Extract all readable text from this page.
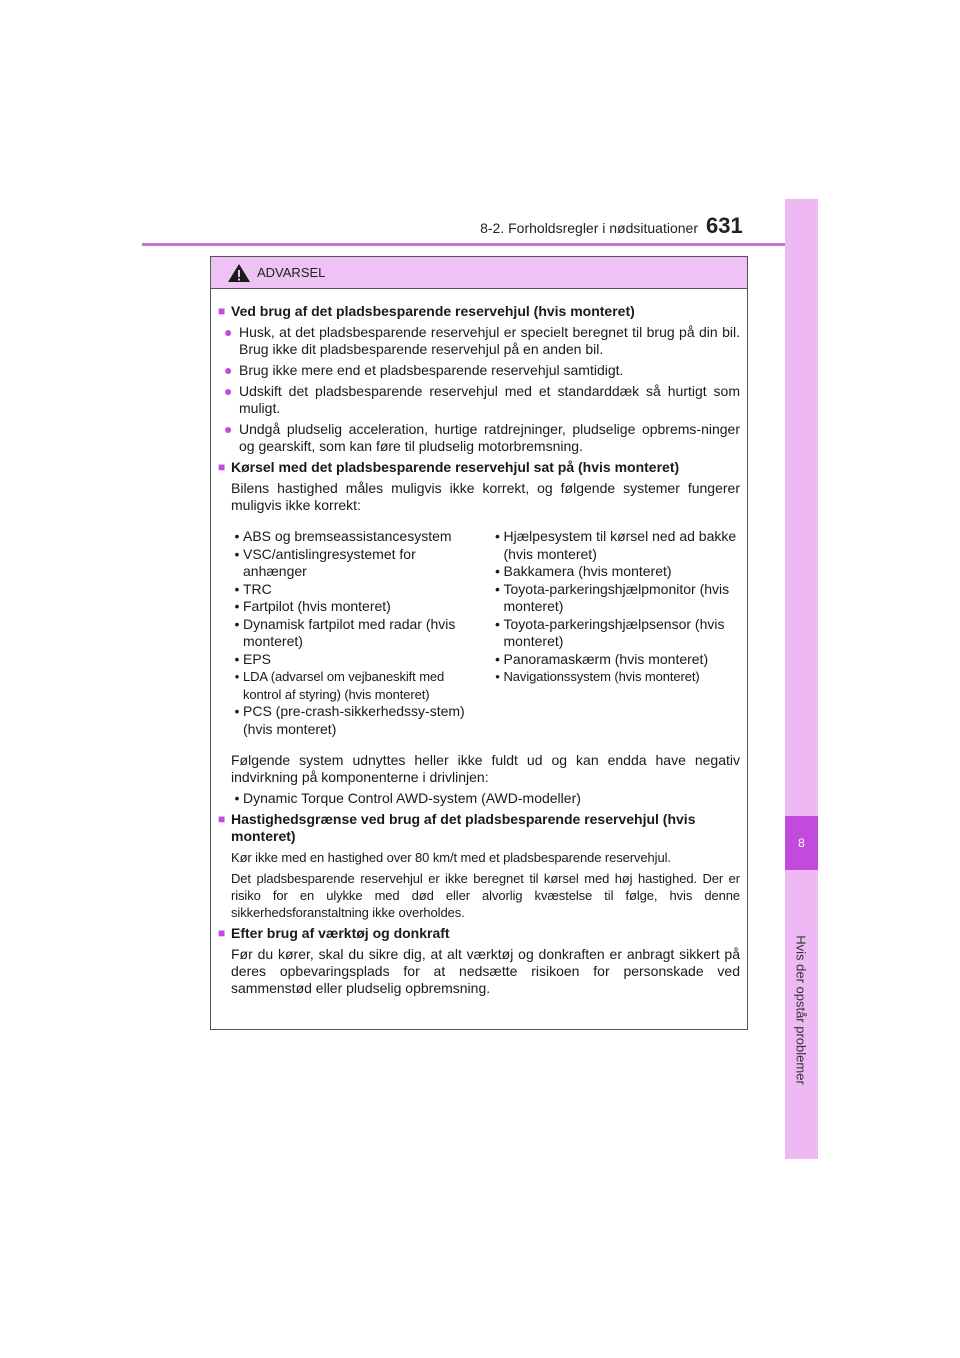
8-2. Forholdsregler i nødsituationer 631
8
Hvis der opstår problemer
ADVARSEL
■ Ved brug af det pladsbesparende reservehjul (hvis monteret)
● Husk, at det pladsbesparende reservehjul er specielt beregnet til brug på din bil. Brug ikke dit pladsbesparende reservehjul på en anden bil.
● Brug ikke mere end et pladsbesparende reservehjul samtidigt.
● Udskift det pladsbesparende reservehjul med et standarddæk så hurtigt som muligt.
● Undgå pludselig acceleration, hurtige ratdrejninger, pludselige opbrems-ninger og gearskift, som kan føre til pludselig motorbremsning.
■ Kørsel med det pladsbesparende reservehjul sat på (hvis monteret)
Bilens hastighed måles muligvis ikke korrekt, og følgende systemer fungerer muligvis ikke korrekt:
• ABS og bremseassistancesystem
• VSC/antislingresystemet for anhænger
• TRC
• Fartpilot (hvis monteret)
• Dynamisk fartpilot med radar (hvis monteret)
• EPS
• LDA (advarsel om vejbaneskift med kontrol af styring) (hvis monteret)
• PCS (pre-crash-sikkerhedssy-stem) (hvis monteret)
• Hjælpesystem til kørsel ned ad bakke (hvis monteret)
• Bakkamera (hvis monteret)
• Toyota-parkeringshjælpmonitor (hvis monteret)
• Toyota-parkeringshjælpsensor (hvis monteret)
• Panoramaskærm (hvis monteret)
• Navigationssystem (hvis monteret)
Følgende system udnyttes heller ikke fuldt ud og kan endda have negativ indvirkning på komponenterne i drivlinjen:
• Dynamic Torque Control AWD-system (AWD-modeller)
■ Hastighedsgrænse ved brug af det pladsbesparende reservehjul (hvis monteret)
Kør ikke med en hastighed over 80 km/t med et pladsbesparende reservehjul.
Det pladsbesparende reservehjul er ikke beregnet til kørsel med høj hastighed. Der er risiko for en ulykke med død eller alvorlig kvæstelse til følge, hvis denne sikkerhedsforanstaltning ikke overholdes.
■ Efter brug af værktøj og donkraft
Før du kører, skal du sikre dig, at alt værktøj og donkraften er anbragt sikkert på deres opbevaringsplads for at nedsætte risikoen for personskade ved sammenstød eller pludselig opbremsning.
